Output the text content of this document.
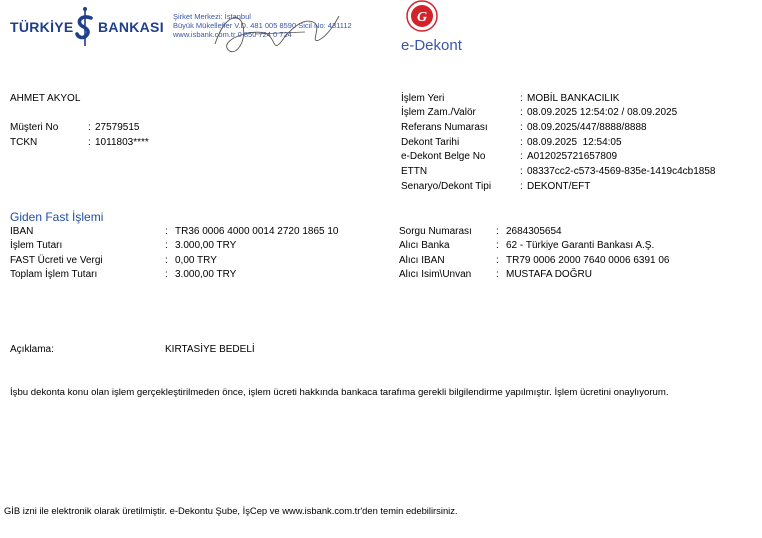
TÜRKİYE BANKASI
Şirket Merkezi: İstanbul
Büyük Mükellefler V.D. 481 005 8590 Sicil No: 431112
www.isbank.com.tr 0 850 724 0 724
G
e-Dekont
AHMET AKYOL
Müşteri No	: 27579515
TCKN	: 1011803****
İşlem Yeri	: MOBİL BANKACILIK
İşlem Zam./Valör	: 08.09.2025 12:54:02 / 08.09.2025
Referans Numarası	: 08.09.2025/447/8888/8888
Dekont Tarihi	: 08.09.2025  12:54:05
e-Dekont Belge No	: A012025721657809
ETTN	: 08337cc2-c573-4569-835e-1419c4cb1858
Senaryo/Dekont Tipi	: DEKONT/EFT
Giden Fast İşlemi
IBAN	: TR36 0006 4000 0014 2720 1865 10
İşlem Tutarı	: 3.000,00 TRY
FAST Ücreti ve Vergi	: 0,00 TRY
Toplam İşlem Tutarı	: 3.000,00 TRY
Sorgu Numarası : 2684305654
Alıcı Banka	: 62 - Türkiye Garanti Bankası A.Ş.
Alıcı IBAN	: TR79 0006 2000 7640 0006 6391 06
Alıcı Isim\Unvan : MUSTAFA DOĞRU
Açıklama:	KIRTASİYE BEDELİ
İşbu dekonta konu olan işlem gerçekleştirilmeden önce, işlem ücreti hakkında bankaca tarafıma gerekli bilgilendirme yapılmıştır. İşlem ücretini onaylıyorum.
GİB izni ile elektronik olarak üretilmiştir. e-Dekontu Şube, İşCep ve www.isbank.com.tr'den temin edebilirsiniz.
